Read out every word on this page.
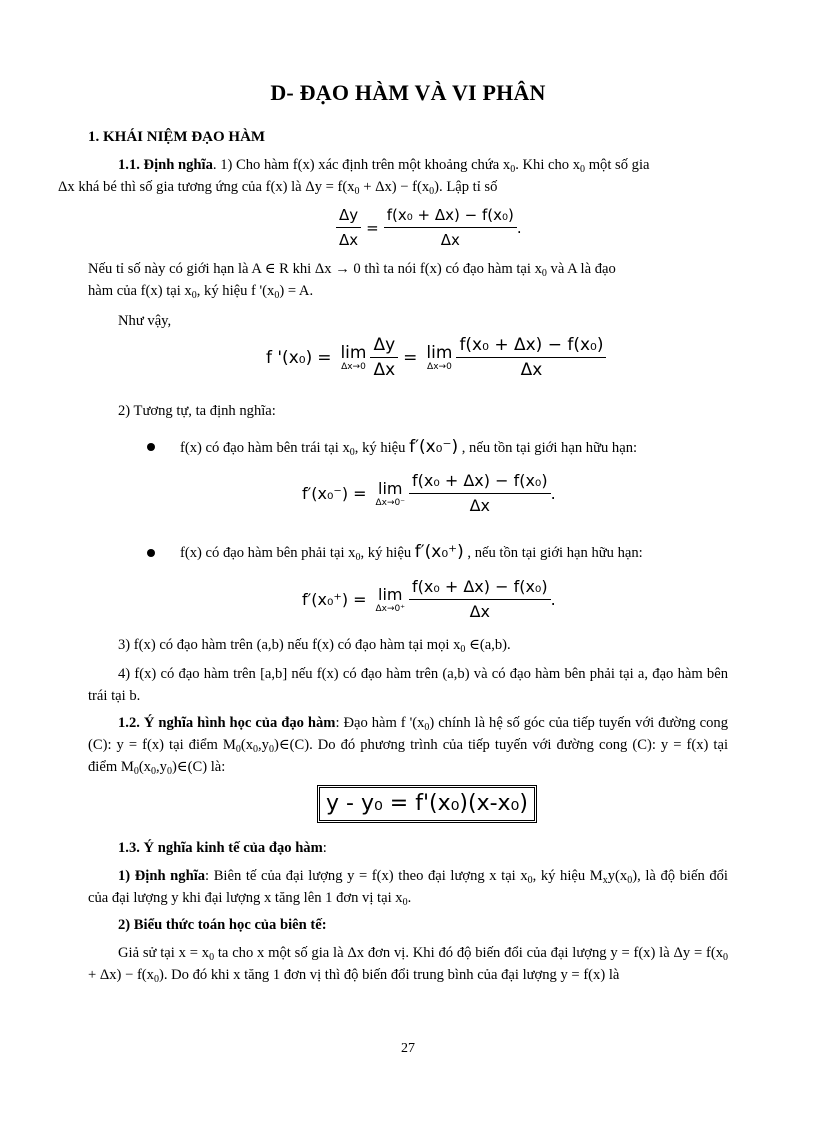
D- ĐẠO HÀM VÀ VI PHÂN
1. KHÁI NIỆM ĐẠO HÀM
1.1. Định nghĩa. 1) Cho hàm f(x) xác định trên một khoảng chứa $x_0$. Khi cho $x_0$ một số gia
Δx khá bé thì số gia tương ứng của f(x) là $\Delta y = f(x_0 + \Delta x) - f(x_0)$. Lập tỉ số
$\frac{\Delta y}{\Delta x} = \frac{\text{f(x₀ + Δx) − f(x₀)}}{\Delta x}$ .
Nếu tỉ số này có giới hạn là A ∈ R khi Δx → 0 thì ta nói f(x) có đạo hàm tại $x_0$ và A là đạo
hàm của f(x) tại $x_0$, ký hiệu f '$(x_0) = A$.
Như vậy,
f '(x₀) = lim
$\Delta x\to 0 \frac{\Delta y}{\Delta x} = \lim$
$\Delta x\to 0 \frac{\text{f(x₀ + Δx) − f(x₀)}}{\Delta x}$
2) Tương tự, ta định nghĩa:
f(x) có đạo hàm bên trái tại $x_0$, ký hiệu f′(x₀⁻) , nếu tồn tại giới hạn hữu hạn:
f′(x₀⁻) = lim
$\Delta x\to 0^- \frac{\text{f(x₀ + Δx) − f(x₀)}}{\Delta x}$ .
f(x) có đạo hàm bên phải tại $x_0$, ký hiệu f′(x₀⁺) , nếu tồn tại giới hạn hữu hạn:
f′(x₀⁺) = lim
$\Delta x\to 0^+ \frac{\text{f(x₀ + Δx) − f(x₀)}}{\Delta x}$ .
3) f(x) có đạo hàm trên (a,b) nếu f(x) có đạo hàm tại mọi $x_0$ ∈(a,b).
4) f(x) có đạo hàm trên [a,b] nếu f(x) có đạo hàm trên (a,b) và có đạo hàm bên phải tại a, đạo hàm bên trái tại b.
1.2. Ý nghĩa hình học của đạo hàm: Đạo hàm f '$(x_0)$ chính là hệ số góc của tiếp tuyến với đường cong (C): y = f(x) tại điểm $M_0(x_0,y_0)\in(C)$. Do đó phương trình của tiếp tuyến với đường cong (C): y = f(x) tại điểm $M_0(x_0,y_0)\in(C)$ là:
y - y₀ = f'(x₀)(x-x₀)
1.3. Ý nghĩa kinh tế của đạo hàm:
1) Định nghĩa: Biên tế của đại lượng y = f(x) theo đại lượng x tại $x_0$, ký hiệu $M_xy(x_0)$, là độ biến đổi của đại lượng y khi đại lượng x tăng lên 1 đơn vị tại $x_0$.
2) Biểu thức toán học của biên tế:
Giả sử tại $x = x_0$ ta cho x một số gia là Δx đơn vị. Khi đó độ biến đổi của đại lượng y = f(x) là $\Delta y = f(x_0 + \Delta x) - f(x_0)$. Do đó khi x tăng 1 đơn vị thì độ biến đổi trung bình của đại lượng y = f(x) là
27
